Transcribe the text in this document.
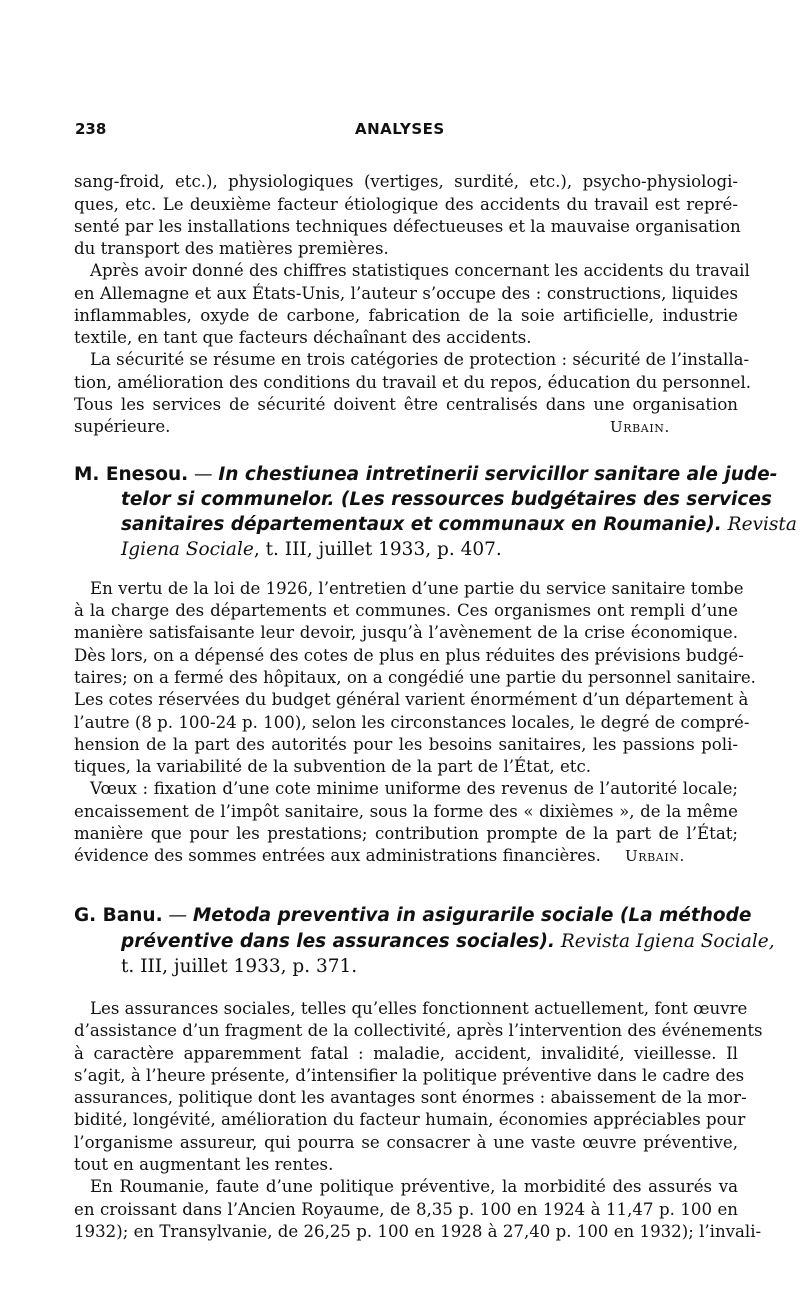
238	ANALYSES
sang-froid, etc.), physiologiques (vertiges, surdité, etc.), psycho-physiologi-
ques, etc. Le deuxième facteur étiologique des accidents du travail est repré-
senté par les installations techniques défectueuses et la mauvaise organisation
du transport des matières premières.
Après avoir donné des chiffres statistiques concernant les accidents du travail
en Allemagne et aux États-Unis, l’auteur s’occupe des : constructions, liquides
inflammables, oxyde de carbone, fabrication de la soie artificielle, industrie
textile, en tant que facteurs déchaînant des accidents.
La sécurité se résume en trois catégories de protection : sécurité de l’installa-
tion, amélioration des conditions du travail et du repos, éducation du personnel.
Tous les services de sécurité doivent être centralisés dans une organisation
supérieure.	Urbain.
M. Enesou. — In chestiunea intretinerii servicillor sanitare ale jude-
telor si communelor. (Les ressources budgétaires des services
sanitaires départementaux et communaux en Roumanie). Revista
Igiena Sociale, t. III, juillet 1933, p. 407.
En vertu de la loi de 1926, l’entretien d’une partie du service sanitaire tombe
à la charge des départements et communes. Ces organismes ont rempli d’une
manière satisfaisante leur devoir, jusqu’à l’avènement de la crise économique.
Dès lors, on a dépensé des cotes de plus en plus réduites des prévisions budgé-
taires; on a fermé des hôpitaux, on a congédié une partie du personnel sanitaire.
Les cotes réservées du budget général varient énormément d’un département à
l’autre (8 p. 100-24 p. 100), selon les circonstances locales, le degré de compré-
hension de la part des autorités pour les besoins sanitaires, les passions poli-
tiques, la variabilité de la subvention de la part de l’État, etc.
Vœux : fixation d’une cote minime uniforme des revenus de l’autorité locale;
encaissement de l’impôt sanitaire, sous la forme des « dixièmes », de la même
manière que pour les prestations; contribution prompte de la part de l’État;
évidence des sommes entrées aux administrations financières.	Urbain.
G. Banu. — Metoda preventiva in asigurarile sociale (La méthode
préventive dans les assurances sociales). Revista Igiena Sociale,
t. III, juillet 1933, p. 371.
Les assurances sociales, telles qu’elles fonctionnent actuellement, font œuvre
d’assistance d’un fragment de la collectivité, après l’intervention des événements
à caractère apparemment fatal : maladie, accident, invalidité, vieillesse. Il
s’agit, à l’heure présente, d’intensifier la politique préventive dans le cadre des
assurances, politique dont les avantages sont énormes : abaissement de la mor-
bidité, longévité, amélioration du facteur humain, économies appréciables pour
l’organisme assureur, qui pourra se consacrer à une vaste œuvre préventive,
tout en augmentant les rentes.
En Roumanie, faute d’une politique préventive, la morbidité des assurés va
en croissant dans l’Ancien Royaume, de 8,35 p. 100 en 1924 à 11,47 p. 100 en
1932); en Transylvanie, de 26,25 p. 100 en 1928 à 27,40 p. 100 en 1932); l’invali-
